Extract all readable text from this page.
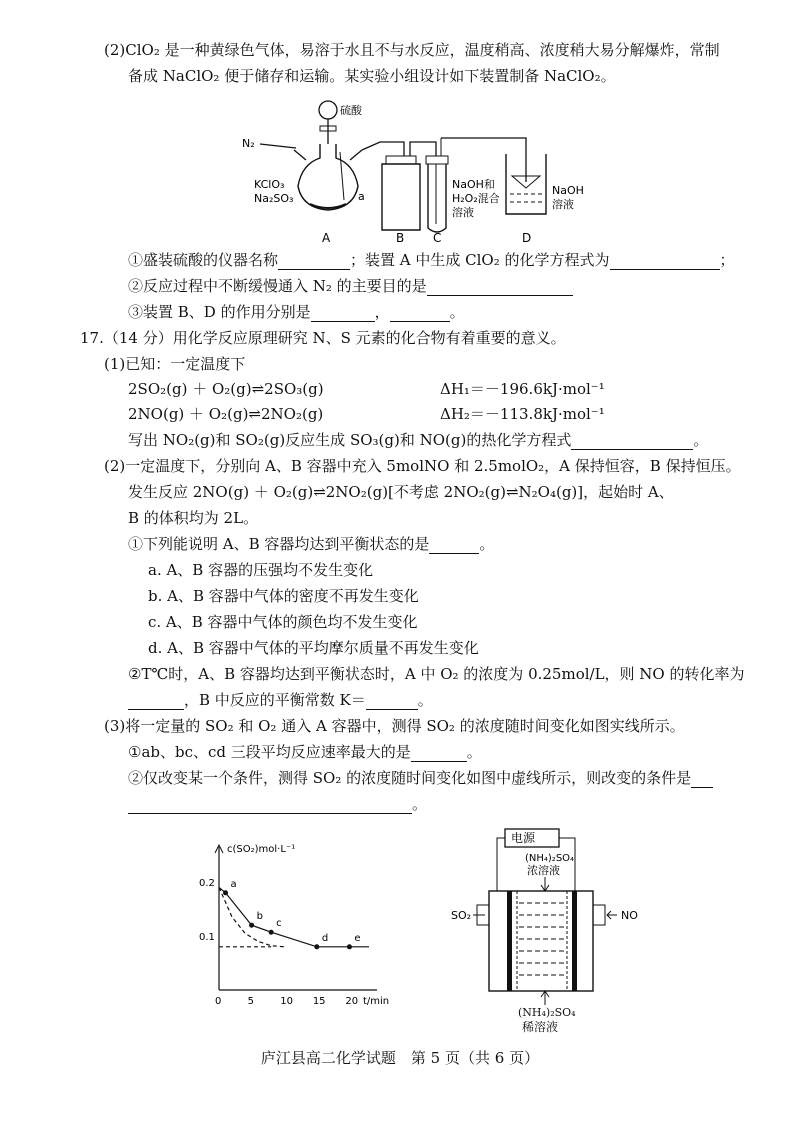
(2)ClO₂ 是一种黄绿色气体，易溶于水且不与水反应，温度稍高、浓度稍大易分解爆炸，常制
备成 NaClO₂ 便于储存和运输。某实验小组设计如下装置制备 NaClO₂。
硫酸
N₂
a
KClO₃
Na₂SO₃
NaOH和
H₂O₂混合
溶液
NaOH
溶液
A	B C	D
①盛装硫酸的仪器名称	；装置 A 中生成 ClO₂ 的化学方程式为	；
②反应过程中不断缓慢通入 N₂ 的主要目的是
③装置 B、D 的作用分别是	，	。
17.（14 分）用化学反应原理研究 N、S 元素的化合物有着重要的意义。
(1)已知：一定温度下
2SO₂(g) ＋ O₂(g)⇌2SO₃(g)	ΔH₁＝－196.6kJ·mol⁻¹
2NO(g) ＋ O₂(g)⇌2NO₂(g)	ΔH₂＝－113.8kJ·mol⁻¹
写出 NO₂(g)和 SO₂(g)反应生成 SO₃(g)和 NO(g)的热化学方程式	。
(2)一定温度下，分别向 A、B 容器中充入 5molNO 和 2.5molO₂，A 保持恒容，B 保持恒压。
发生反应 2NO(g) ＋ O₂(g)⇌2NO₂(g)[不考虑 2NO₂(g)⇌N₂O₄(g)]，起始时 A、
B 的体积均为 2L。
①下列能说明 A、B 容器均达到平衡状态的是	。
a. A、B 容器的压强均不发生变化
b. A、B 容器中气体的密度不再发生变化
c. A、B 容器中气体的颜色均不发生变化
d. A、B 容器中气体的平均摩尔质量不再发生变化
②T℃时，A、B 容器均达到平衡状态时，A 中 O₂ 的浓度为 0.25mol/L，则 NO 的转化率为
，B 中反应的平衡常数 K＝	。
(3)将一定量的 SO₂ 和 O₂ 通入 A 容器中，测得 SO₂ 的浓度随时间变化如图实线所示。
①ab、bc、cd 三段平均反应速率最大的是	。
②仅改变某一个条件，测得 SO₂ 的浓度随时间变化如图中虚线所示，则改变的条件是
。
c(SO₂)mol·L⁻¹
t/min
0	5	10 15 20
0.1
0.2 a
b
c
d	e
电源
(NH₄)₂SO₄
浓溶液
SO₂	NO
(NH₄)₂SO₄
稀溶液
庐江县高二化学试题　第 5 页（共 6 页）
